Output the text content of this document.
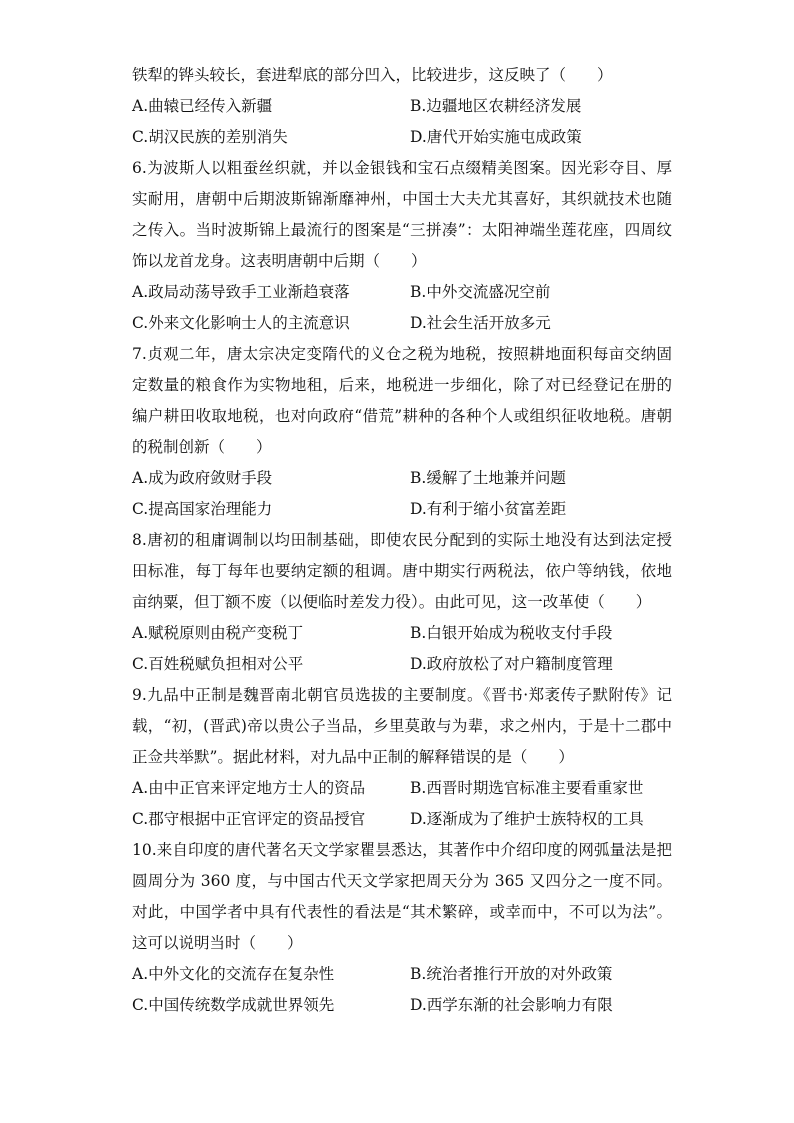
铁犁的铧头较长，套进犁底的部分凹入，比较进步，这反映了（　　）

A.曲辕已经传入新疆	B.边疆地区农耕经济发展
C.胡汉民族的差别消失	D.唐代开始实施屯成政策

6.为波斯人以粗蚕丝织就，并以金银钱和宝石点缀精美图案。因光彩夺目、厚实耐用，唐朝中后期波斯锦渐靡神州，中国士大夫尤其喜好，其织就技术也随之传入。当时波斯锦上最流行的图案是“三拼凑”：太阳神端坐莲花座，四周纹饰以龙首龙身。这表明唐朝中后期（　　）

A.政局动荡导致手工业渐趋衰落	B.中外交流盛况空前
C.外来文化影响士人的主流意识	D.社会生活开放多元

7.贞观二年，唐太宗决定变隋代的义仓之税为地税，按照耕地面积每亩交纳固定数量的粮食作为实物地租，后来，地税进一步细化，除了对已经登记在册的编户耕田收取地税，也对向政府“借荒”耕种的各种个人或组织征收地税。唐朝的税制创新（　　）

A.成为政府敛财手段	B.缓解了土地兼并问题
C.提高国家治理能力	D.有利于缩小贫富差距

8.唐初的租庸调制以均田制基础，即使农民分配到的实际土地没有达到法定授田标准，每丁每年也要纳定额的租调。唐中期实行两税法，依户等纳钱，依地亩纳粟，但丁额不废（以便临时差发力役）。由此可见，这一改革使（　　）

A.赋税原则由税产变税丁	B.白银开始成为税收支付手段
C.百姓税赋负担相对公平	D.政府放松了对户籍制度管理

9.九品中正制是魏晋南北朝官员选拔的主要制度。《晋书·郑袤传子默附传》记载，“初，(晋武)帝以贵公子当品，乡里莫敢与为辈，求之州内，于是十二郡中正佥共举默”。据此材料，对九品中正制的解释错误的是（　　）

A.由中正官来评定地方士人的资品	B.西晋时期选官标准主要看重家世
C.郡守根据中正官评定的资品授官	D.逐渐成为了维护士族特权的工具

10.来自印度的唐代著名天文学家瞿昙悉达，其著作中介绍印度的网弧量法是把圆周分为 360 度，与中国古代天文学家把周天分为 365 又四分之一度不同。对此，中国学者中具有代表性的看法是“其术繁碎，或幸而中，不可以为法”。这可以说明当时（　　）

A.中外文化的交流存在复杂性	B.统治者推行开放的对外政策
C.中国传统数学成就世界领先	D.西学东渐的社会影响力有限
